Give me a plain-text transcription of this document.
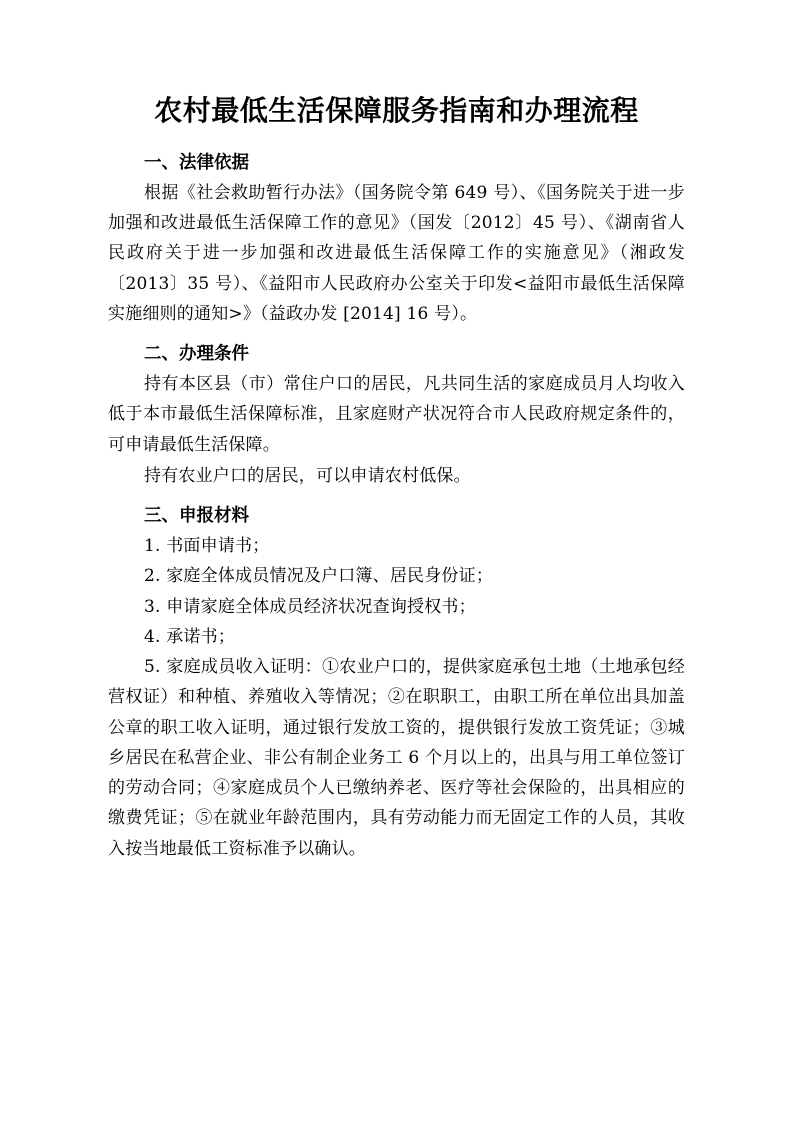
农村最低生活保障服务指南和办理流程
一、法律依据

根据《社会救助暂行办法》（国务院令第 649 号）、《国务院关于进一步加强和改进最低生活保障工作的意见》（国发〔2012〕45 号）、《湖南省人民政府关于进一步加强和改进最低生活保障工作的实施意见》（湘政发〔2013〕35 号）、《益阳市人民政府办公室关于印发<益阳市最低生活保障实施细则的通知>》（益政办发 [2014] 16 号）。

二、办理条件

持有本区县（市）常住户口的居民，凡共同生活的家庭成员月人均收入低于本市最低生活保障标准，且家庭财产状况符合市人民政府规定条件的，可申请最低生活保障。

持有农业户口的居民，可以申请农村低保。

三、申报材料

1. 书面申请书；

2. 家庭全体成员情况及户口簿、居民身份证；

3. 申请家庭全体成员经济状况查询授权书；

4. 承诺书；

5. 家庭成员收入证明：①农业户口的，提供家庭承包土地（土地承包经营权证）和种植、养殖收入等情况；②在职职工，由职工所在单位出具加盖公章的职工收入证明，通过银行发放工资的，提供银行发放工资凭证；③城乡居民在私营企业、非公有制企业务工 6 个月以上的，出具与用工单位签订的劳动合同；④家庭成员个人已缴纳养老、医疗等社会保险的，出具相应的缴费凭证；⑤在就业年龄范围内，具有劳动能力而无固定工作的人员，其收入按当地最低工资标准予以确认。
